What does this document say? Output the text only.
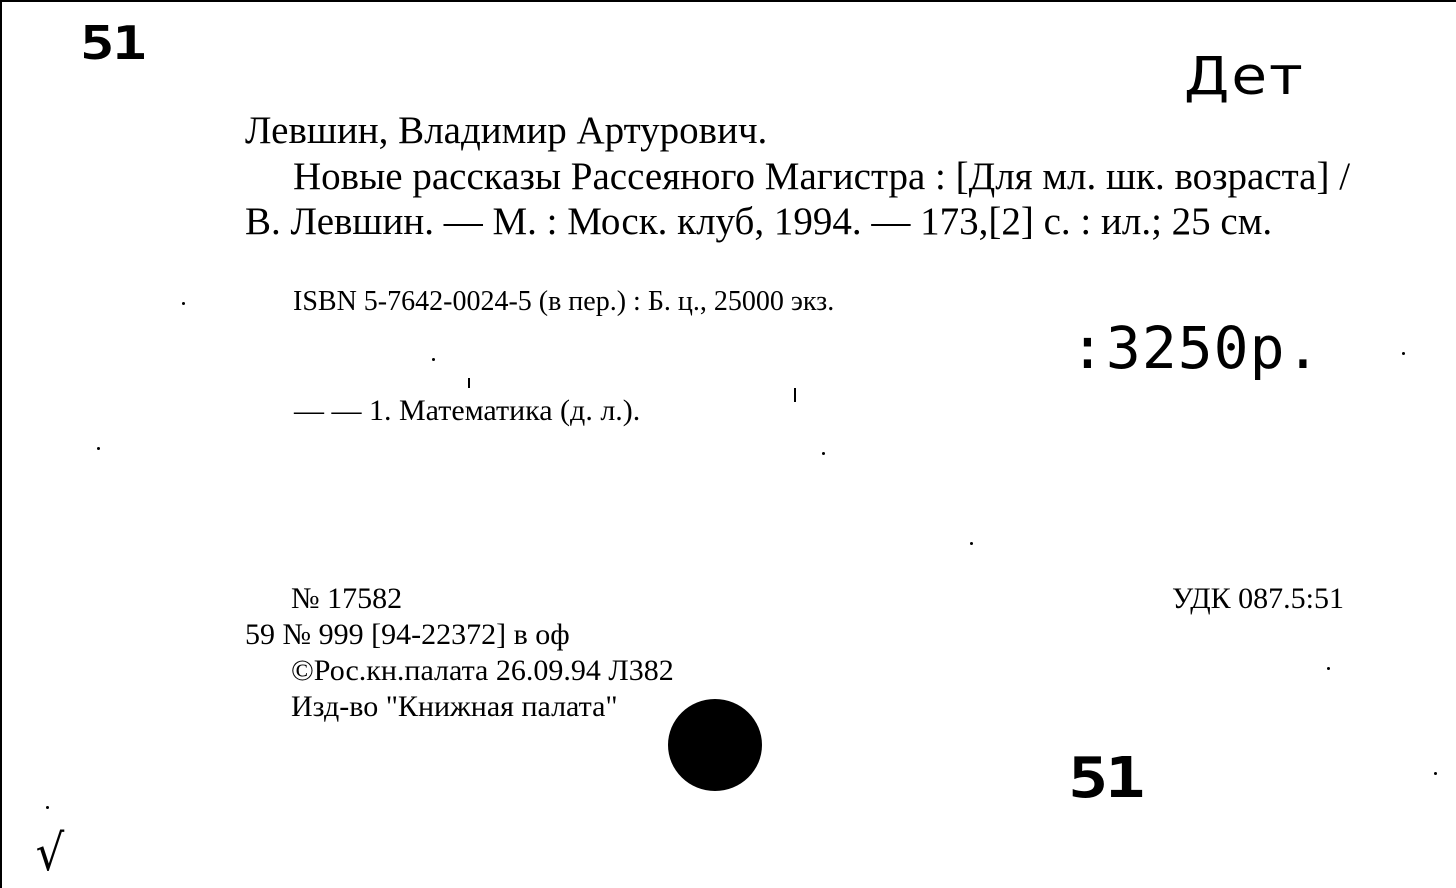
51
Дет
Левшин, Владимир Артурович.
Новые рассказы Рассеяного Магистра : [Для мл. шк. возраста] / В. Левшин. — М. : Моск. клуб, 1994. — 173,[2] с. : ил.; 25 см.
ISBN 5-7642-0024-5 (в пер.) : Б. ц., 25000 экз.
:3250р.
— — 1. Математика (д. л.).
№ 17582	УДК 087.5:51
59 № 999 [94-22372] в оф
©Рос.кн.палата 26.09.94 Л382
Изд-во "Книжная палата"
51
√
